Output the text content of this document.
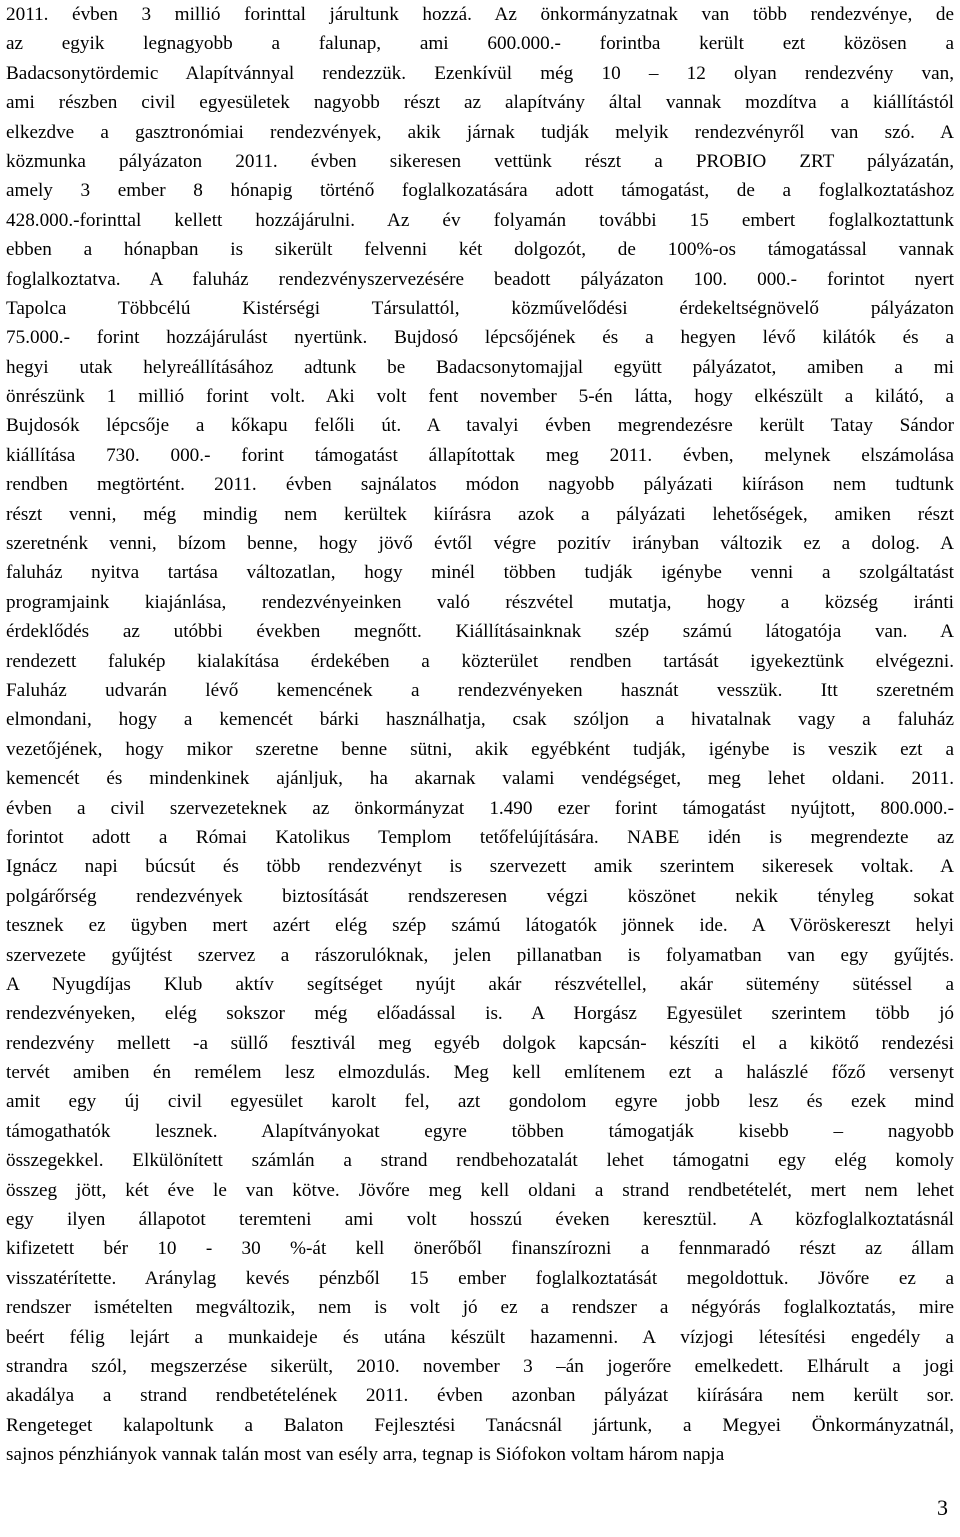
2011. évben 3 millió forinttal járultunk hozzá. Az önkormányzatnak van több rendezvénye, de
az egyik legnagyobb a falunap, ami 600.000.- forintba került ezt közösen a
Badacsonytördemic Alapítvánnyal rendezzük. Ezenkívül még 10 – 12 olyan rendezvény van,
ami részben civil egyesületek nagyobb részt az alapítvány által vannak mozdítva a kiállítástól
elkezdve a gasztronómiai rendezvények, akik járnak tudják melyik rendezvényről van szó. A
közmunka pályázaton 2011. évben sikeresen vettünk részt a PROBIO ZRT pályázatán,
amely 3 ember 8 hónapig történő foglalkozatására adott támogatást, de a foglalkoztatáshoz
428.000.-forinttal kellett hozzájárulni. Az év folyamán további 15 embert foglalkoztattunk
ebben a hónapban is sikerült felvenni két dolgozót, de 100%-os támogatással vannak
foglalkoztatva. A faluház rendezvényszervezésére beadott pályázaton 100. 000.- forintot nyert
Tapolca Többcélú Kistérségi Társulattól, közművelődési érdekeltségnövelő pályázaton
75.000.- forint hozzájárulást nyertünk. Bujdosó lépcsőjének és a hegyen lévő kilátók és a
hegyi utak helyreállításához adtunk be Badacsonytomajjal együtt pályázatot, amiben a mi
önrészünk 1 millió forint volt. Aki volt fent november 5-én látta, hogy elkészült a kilátó, a
Bujdosók lépcsője a kőkapu felőli út. A tavalyi évben megrendezésre került Tatay Sándor
kiállítása 730. 000.- forint támogatást állapítottak meg 2011. évben, melynek elszámolása
rendben megtörtént. 2011. évben sajnálatos módon nagyobb pályázati kiíráson nem tudtunk
részt venni, még mindig nem kerültek kiírásra azok a pályázati lehetőségek, amiken részt
szeretnénk venni, bízom benne, hogy jövő évtől végre pozitív irányban változik ez a dolog. A
faluház nyitva tartása változatlan, hogy minél többen tudják igénybe venni a szolgáltatást
programjaink kiajánlása, rendezvényeinken való részvétel mutatja, hogy a község iránti
érdeklődés az utóbbi években megnőtt. Kiállításainknak szép számú látogatója van. A
rendezett falukép kialakítása érdekében a közterület rendben tartását igyekeztünk elvégezni.
Faluház udvarán lévő kemencének a rendezvényeken hasznát vesszük. Itt szeretném
elmondani, hogy a kemencét bárki használhatja, csak szóljon a hivatalnak vagy a faluház
vezetőjének, hogy mikor szeretne benne sütni, akik egyébként tudják, igénybe is veszik ezt a
kemencét és mindenkinek ajánljuk, ha akarnak valami vendégséget, meg lehet oldani. 2011.
évben a civil szervezeteknek az önkormányzat 1.490 ezer forint támogatást nyújtott, 800.000.-
forintot adott a Római Katolikus Templom tetőfelújítására. NABE idén is megrendezte az
Ignácz napi búcsút és több rendezvényt is szervezett amik szerintem sikeresek voltak. A
polgárőrség rendezvények biztosítását rendszeresen végzi köszönet nekik tényleg sokat
tesznek ez ügyben mert azért elég szép számú látogatók jönnek ide. A Vöröskereszt helyi
szervezete gyűjtést szervez a rászorulóknak, jelen pillanatban is folyamatban van egy gyűjtés.
A Nyugdíjas Klub aktív segítséget nyújt akár részvétellel, akár sütemény sütéssel a
rendezvényeken, elég sokszor még előadással is. A Horgász Egyesület szerintem több jó
rendezvény mellett -a süllő fesztivál meg egyéb dolgok kapcsán- készíti el a kikötő rendezési
tervét amiben én remélem lesz elmozdulás. Meg kell említenem ezt a halászlé főző versenyt
amit egy új civil egyesület karolt fel, azt gondolom egyre jobb lesz és ezek mind
támogathatók lesznek. Alapítványokat egyre többen támogatják kisebb – nagyobb
összegekkel. Elkülönített számlán a strand rendbehozatalát lehet támogatni egy elég komoly
összeg jött, két éve le van kötve. Jövőre meg kell oldani a strand rendbetételét, mert nem lehet
egy ilyen állapotot teremteni ami volt hosszú éveken keresztül. A közfoglalkoztatásnál
kifizetett bér 10 - 30 %-át kell önerőből finanszírozni a fennmaradó részt az állam
visszatérítette. Aránylag kevés pénzből 15 ember foglalkoztatását megoldottuk. Jövőre ez a
rendszer ismételten megváltozik, nem is volt jó ez a rendszer a négyórás foglalkoztatás, mire
beért félig lejárt a munkaideje és utána készült hazamenni. A vízjogi létesítési engedély a
strandra szól, megszerzése sikerült, 2010. november 3 –án jogerőre emelkedett. Elhárult a jogi
akadálya a strand rendbetételének 2011. évben azonban pályázat kiírására nem került sor.
Rengeteget kalapoltunk a Balaton Fejlesztési Tanácsnál jártunk, a Megyei Önkormányzatnál,
sajnos pénzhiányok vannak talán most van esély arra, tegnap is Siófokon voltam három napja
3
